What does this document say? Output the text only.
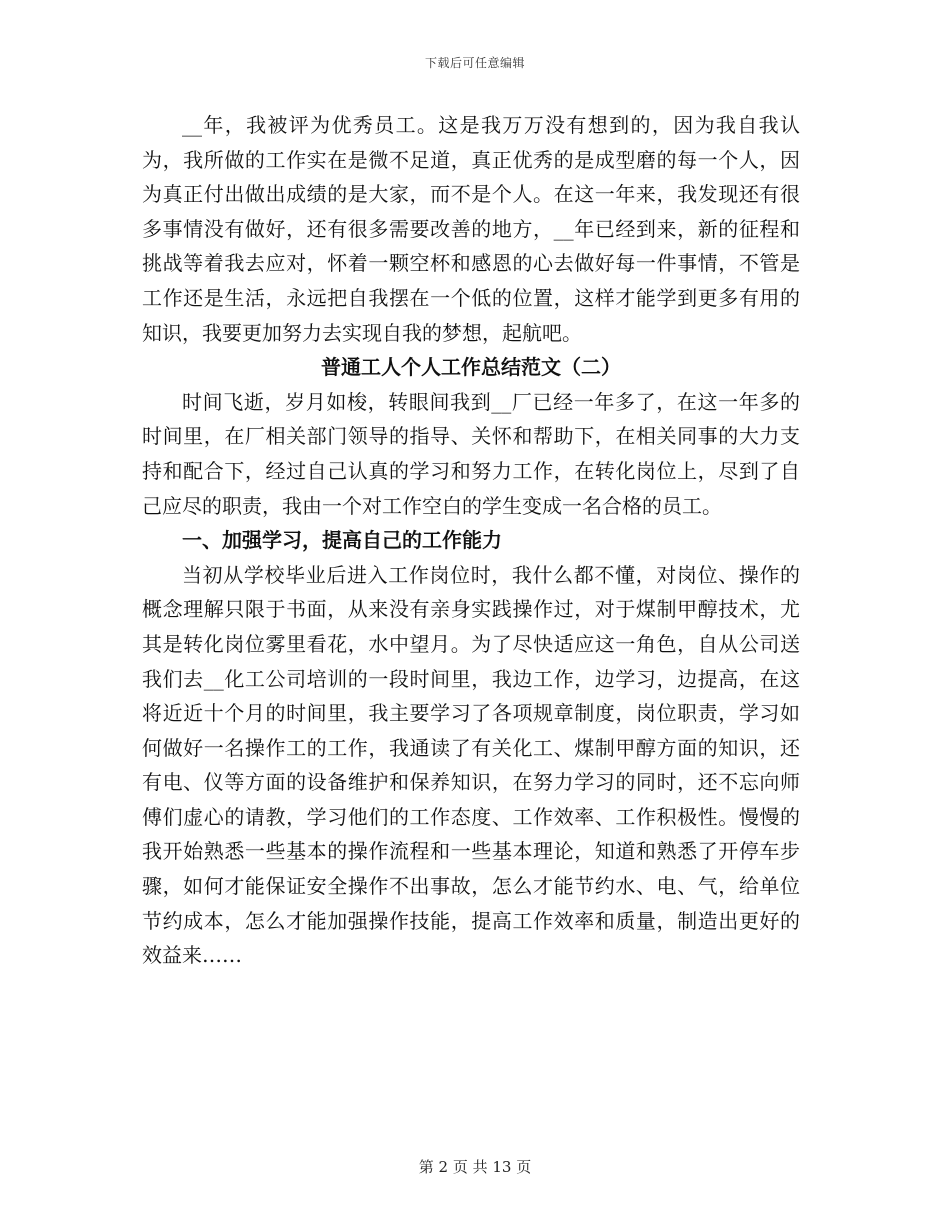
下载后可任意编辑

__年，我被评为优秀员工。这是我万万没有想到的，因为我自我认为，我所做的工作实在是微不足道，真正优秀的是成型磨的每一个人，因为真正付出做出成绩的是大家，而不是个人。在这一年来，我发现还有很多事情没有做好，还有很多需要改善的地方，__年已经到来，新的征程和挑战等着我去应对，怀着一颗空杯和感恩的心去做好每一件事情，不管是工作还是生活，永远把自我摆在一个低的位置，这样才能学到更多有用的知识，我要更加努力去实现自我的梦想，起航吧。

普通工人个人工作总结范文（二）

时间飞逝，岁月如梭，转眼间我到__厂已经一年多了，在这一年多的时间里，在厂相关部门领导的指导、关怀和帮助下，在相关同事的大力支持和配合下，经过自己认真的学习和努力工作，在转化岗位上，尽到了自己应尽的职责，我由一个对工作空白的学生变成一名合格的员工。

一、加强学习，提高自己的工作能力

当初从学校毕业后进入工作岗位时，我什么都不懂，对岗位、操作的概念理解只限于书面，从来没有亲身实践操作过，对于煤制甲醇技术，尤其是转化岗位雾里看花，水中望月。为了尽快适应这一角色，自从公司送我们去__化工公司培训的一段时间里，我边工作，边学习，边提高，在这将近近十个月的时间里，我主要学习了各项规章制度，岗位职责，学习如何做好一名操作工的工作，我通读了有关化工、煤制甲醇方面的知识，还有电、仪等方面的设备维护和保养知识，在努力学习的同时，还不忘向师傅们虚心的请教，学习他们的工作态度、工作效率、工作积极性。慢慢的我开始熟悉一些基本的操作流程和一些基本理论，知道和熟悉了开停车步骤，如何才能保证安全操作不出事故，怎么才能节约水、电、气，给单位节约成本，怎么才能加强操作技能，提高工作效率和质量，制造出更好的效益来……

第 2 页 共 13 页
